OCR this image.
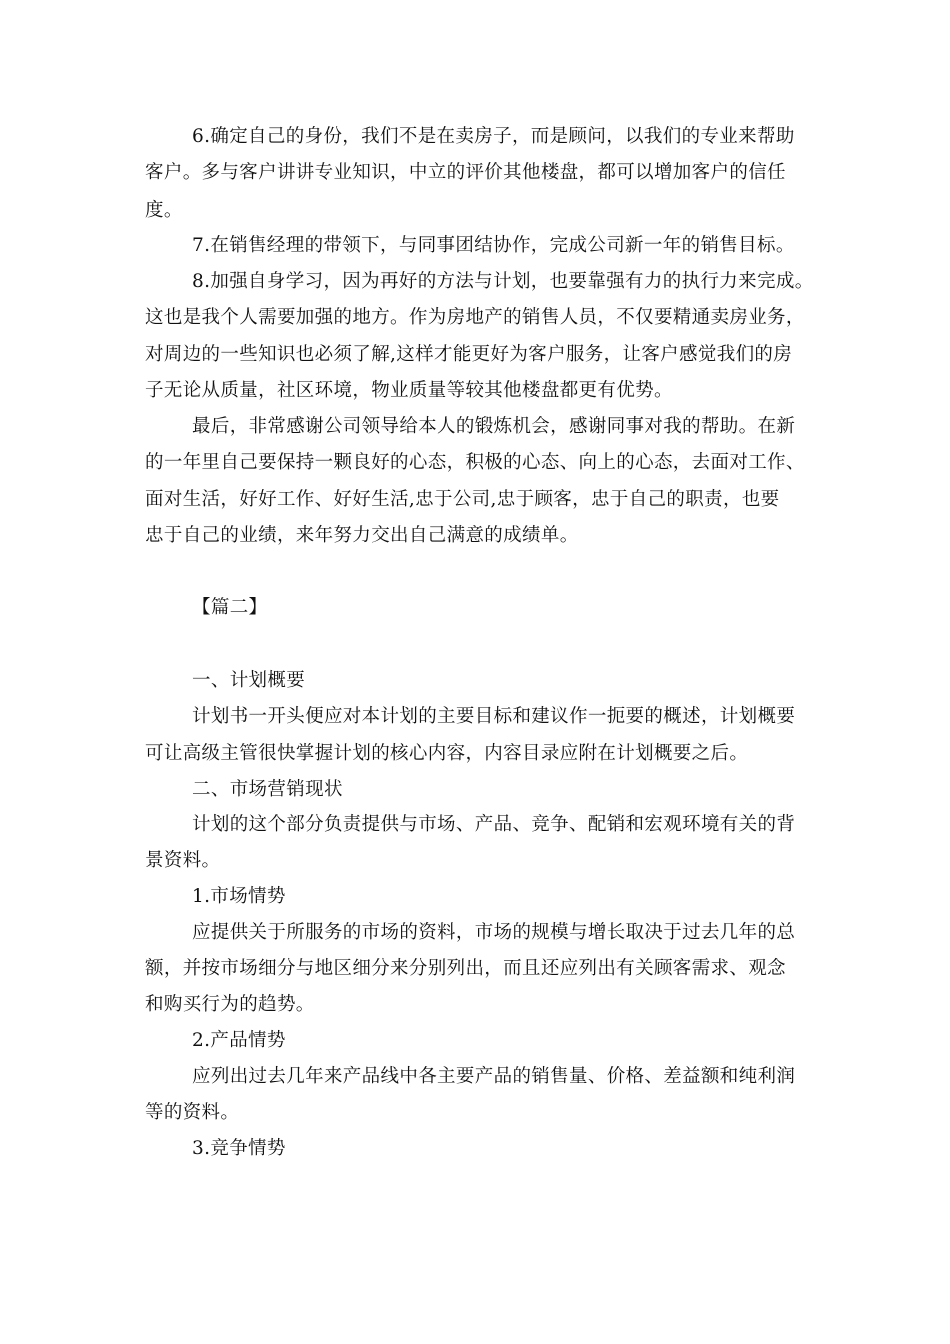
6.确定自己的身份，我们不是在卖房子，而是顾问，以我们的专业来帮助
客户。多与客户讲讲专业知识，中立的评价其他楼盘，都可以增加客户的信任
度。
7.在销售经理的带领下，与同事团结协作，完成公司新一年的销售目标。
8.加强自身学习，因为再好的方法与计划，也要靠强有力的执行力来完成。
这也是我个人需要加强的地方。作为房地产的销售人员，不仅要精通卖房业务，
对周边的一些知识也必须了解,这样才能更好为客户服务，让客户感觉我们的房
子无论从质量，社区环境，物业质量等较其他楼盘都更有优势。
最后，非常感谢公司领导给本人的锻炼机会，感谢同事对我的帮助。在新
的一年里自己要保持一颗良好的心态，积极的心态、向上的心态，去面对工作、
面对生活，好好工作、好好生活,忠于公司,忠于顾客，忠于自己的职责，也要
忠于自己的业绩，来年努力交出自己满意的成绩单。
【篇二】
一、计划概要
计划书一开头便应对本计划的主要目标和建议作一扼要的概述，计划概要
可让高级主管很快掌握计划的核心内容，内容目录应附在计划概要之后。
二、市场营销现状
计划的这个部分负责提供与市场、产品、竞争、配销和宏观环境有关的背
景资料。
1.市场情势
应提供关于所服务的市场的资料，市场的规模与增长取决于过去几年的总
额，并按市场细分与地区细分来分别列出，而且还应列出有关顾客需求、观念
和购买行为的趋势。
2.产品情势
应列出过去几年来产品线中各主要产品的销售量、价格、差益额和纯利润
等的资料。
3.竞争情势
